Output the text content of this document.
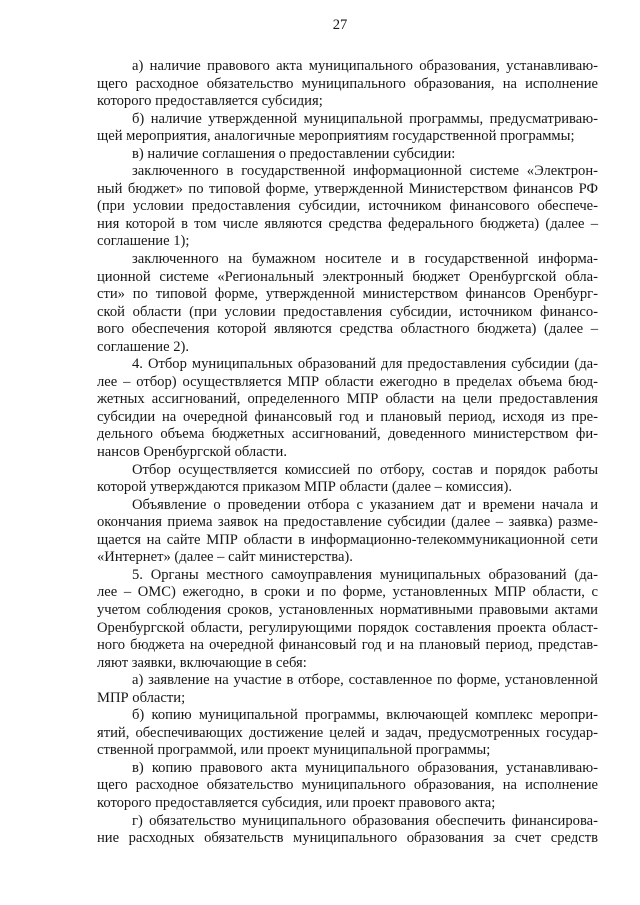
27
а) наличие правового акта муниципального образования, устанавливаю-
щего расходное обязательство муниципального образования, на исполнение
которого предоставляется субсидия;
б) наличие утвержденной муниципальной программы, предусматриваю-
щей мероприятия, аналогичные мероприятиям государственной программы;
в) наличие соглашения о предоставлении субсидии:
заключенного в государственной информационной системе «Электрон-
ный бюджет» по типовой форме, утвержденной Министерством финансов РФ
(при условии предоставления субсидии, источником финансового обеспече-
ния которой в том числе являются средства федерального бюджета) (далее –
соглашение 1);
заключенного на бумажном носителе и в государственной информа-
ционной системе «Региональный электронный бюджет Оренбургской обла-
сти» по типовой форме, утвержденной министерством финансов Оренбург-
ской области (при условии предоставления субсидии, источником финансо-
вого обеспечения которой являются средства областного бюджета) (далее –
соглашение 2).
4. Отбор муниципальных образований для предоставления субсидии (да-
лее – отбор) осуществляется МПР области ежегодно в пределах объема бюд-
жетных ассигнований, определенного МПР области на цели предоставления
субсидии на очередной финансовый год и плановый период, исходя из пре-
дельного объема бюджетных ассигнований, доведенного министерством фи-
нансов Оренбургской области.
Отбор осуществляется комиссией по отбору, состав и порядок работы
которой утверждаются приказом МПР области (далее – комиссия).
Объявление о проведении отбора с указанием дат и времени начала и
окончания приема заявок на предоставление субсидии (далее – заявка) разме-
щается на сайте МПР области в информационно-телекоммуникационной сети
«Интернет» (далее – сайт министерства).
5. Органы местного самоуправления муниципальных образований (да-
лее – ОМС) ежегодно, в сроки и по форме, установленных МПР области, с
учетом соблюдения сроков, установленных нормативными правовыми актами
Оренбургской области, регулирующими порядок составления проекта област-
ного бюджета на очередной финансовый год и на плановый период, представ-
ляют заявки, включающие в себя:
а) заявление на участие в отборе, составленное по форме, установленной
МПР области;
б) копию муниципальной программы, включающей комплекс меропри-
ятий, обеспечивающих достижение целей и задач, предусмотренных государ-
ственной программой, или проект муниципальной программы;
в) копию правового акта муниципального образования, устанавливаю-
щего расходное обязательство муниципального образования, на исполнение
которого предоставляется субсидия, или проект правового акта;
г) обязательство муниципального образования обеспечить финансирова-
ние расходных обязательств муниципального образования за счет средств
